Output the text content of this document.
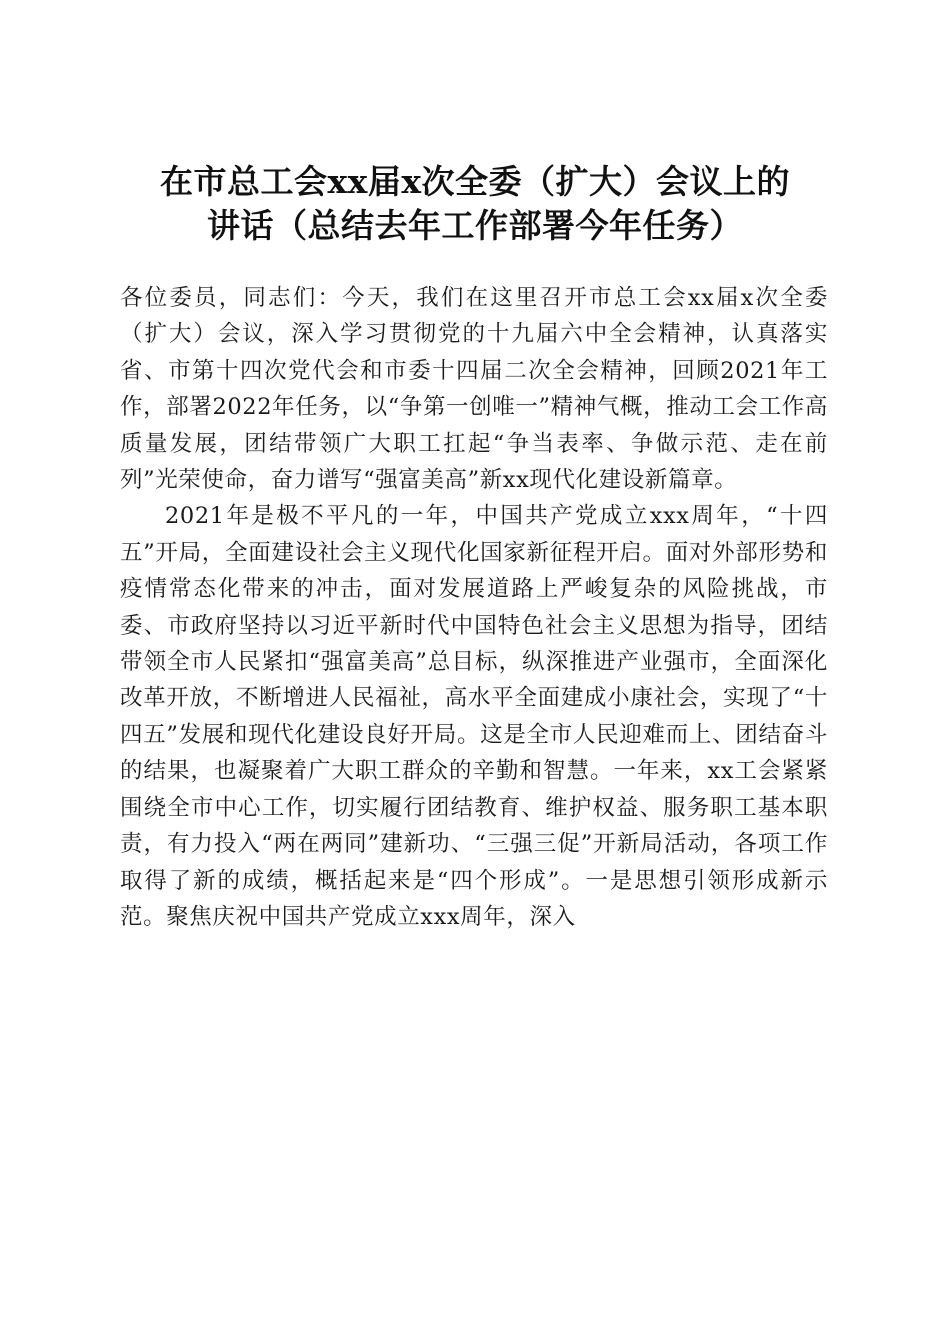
在市总工会xx届x次全委（扩大）会议上的
讲话（总结去年工作部署今年任务）

各位委员，同志们：今天，我们在这里召开市总工会xx届x次全委（扩大）会议，深入学习贯彻党的十九届六中全会精神，认真落实省、市第十四次党代会和市委十四届二次全会精神，回顾2021年工作，部署2022年任务，以“争第一创唯一”精神气概，推动工会工作高质量发展，团结带领广大职工扛起“争当表率、争做示范、走在前列”光荣使命，奋力谱写“强富美高”新xx现代化建设新篇章。

2021年是极不平凡的一年，中国共产党成立xxx周年，“十四五”开局，全面建设社会主义现代化国家新征程开启。面对外部形势和疫情常态化带来的冲击，面对发展道路上严峻复杂的风险挑战，市委、市政府坚持以习近平新时代中国特色社会主义思想为指导，团结带领全市人民紧扣“强富美高”总目标，纵深推进产业强市，全面深化改革开放，不断增进人民福祉，高水平全面建成小康社会，实现了“十四五”发展和现代化建设良好开局。这是全市人民迎难而上、团结奋斗的结果，也凝聚着广大职工群众的辛勤和智慧。一年来，xx工会紧紧围绕全市中心工作，切实履行团结教育、维护权益、服务职工基本职责，有力投入“两在两同”建新功、“三强三促”开新局活动，各项工作取得了新的成绩，概括起来是“四个形成”。一是思想引领形成新示范。聚焦庆祝中国共产党成立xxx周年，深入
